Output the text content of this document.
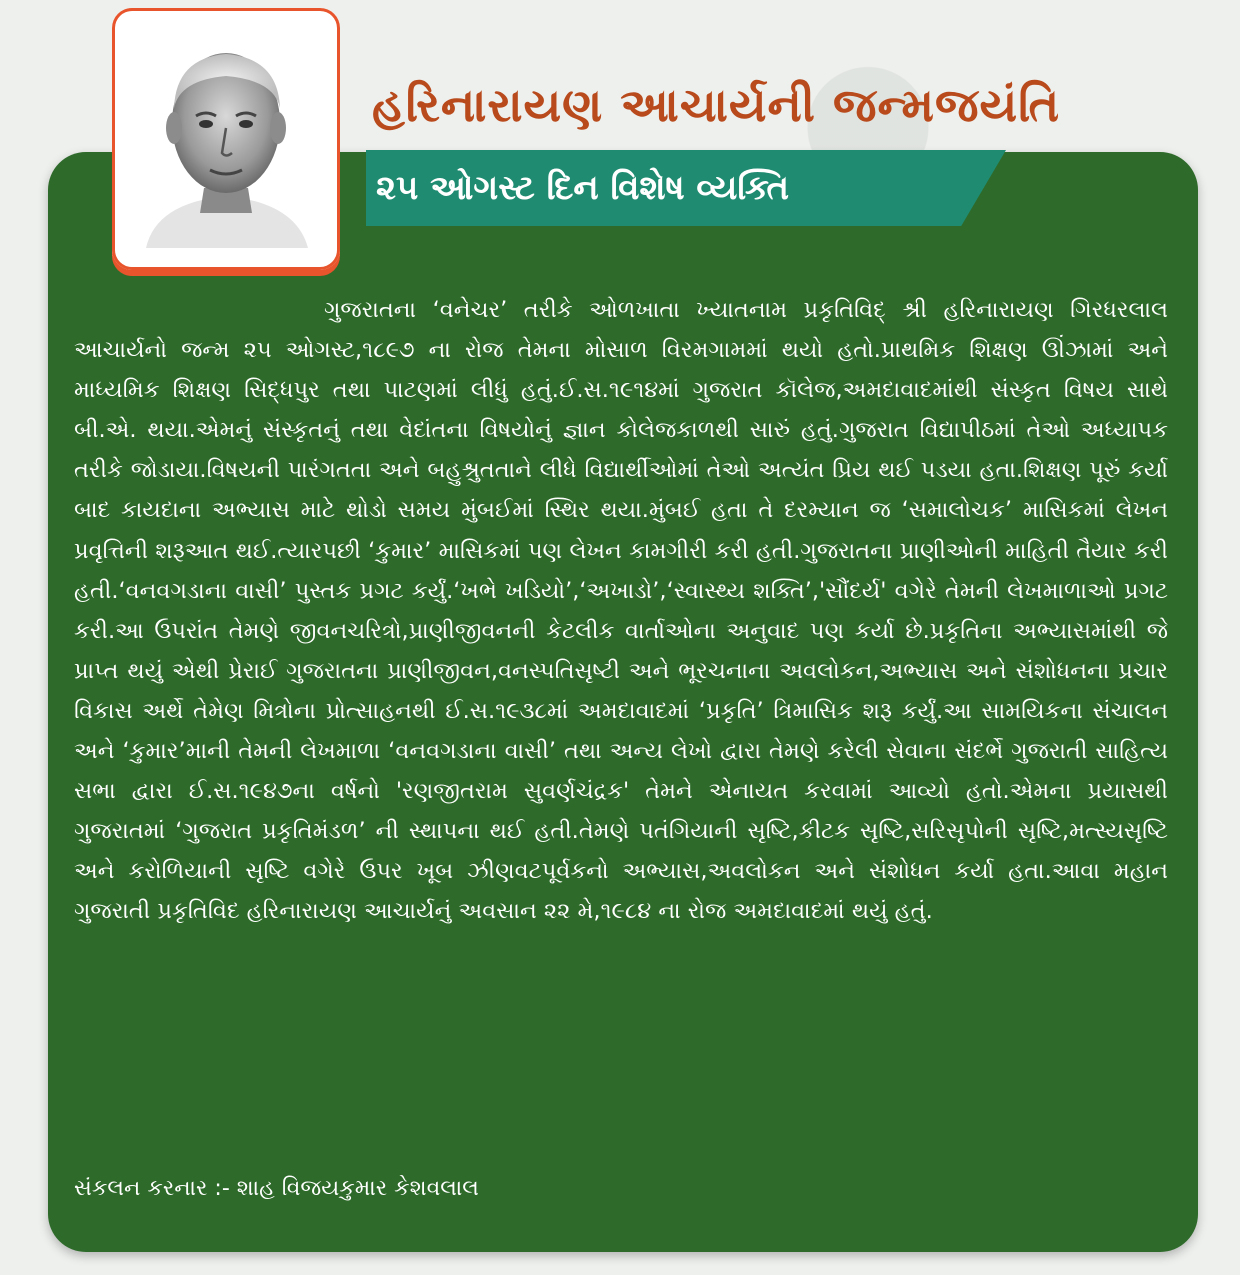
હરિનારાયણ આચાર્યની જન્મજયંતિ
૨૫ ઓગસ્ટ દિન વિશેષ વ્યક્તિ

ગુજરાતના ‘વનેચર’ તરીકે ઓળખાતા ખ્યાતનામ પ્રકૃતિવિદ્ શ્રી હરિનારાયણ ગિરધરલાલ આચાર્યનો જન્મ ૨૫ ઓગસ્ટ,૧૮૯૭ ના રોજ તેમના મોસાળ વિરમગામમાં થયો હતો.પ્રાથમિક શિક્ષણ ઊંઝામાં અને માધ્યમિક શિક્ષણ સિદ્ધપુર તથા પાટણમાં લીધું હતું.ઈ.સ.૧૯૧૪માં ગુજરાત કૉલેજ,અમદાવાદમાંથી સંસ્કૃત વિષય સાથે બી.એ. થયા.એમનું સંસ્કૃતનું તથા વેદાંતના વિષયોનું જ્ઞાન કોલેજકાળથી સારું હતું.ગુજરાત વિદ્યાપીઠમાં તેઓ અધ્યાપક તરીકે જોડાયા.વિષયની પારંગતતા અને બહુશ્રુતતાને લીધે વિદ્યાર્થીઓમાં તેઓ અત્યંત પ્રિય થઈ પડયા હતા.શિક્ષણ પૂરું કર્યા બાદ કાયદાના અભ્યાસ માટે થોડો સમય મુંબઈમાં સ્થિર થયા.મુંબઈ હતા તે દરમ્યાન જ ‘સમાલોચક’ માસિકમાં લેખન પ્રવૃત્તિની શરૂઆત થઈ.ત્યારપછી ‘કુમાર’ માસિકમાં પણ લેખન કામગીરી કરી હતી.ગુજરાતના પ્રાણીઓની માહિતી તૈયાર કરી હતી.‘વનવગડાના વાસી’ પુસ્તક પ્રગટ કર્યું.‘ખભે ખડિયો’,‘અખાડો’,‘સ્વાસ્થ્ય શક્તિ’,'સૌંદર્ય' વગેરે તેમની લેખમાળાઓ પ્રગટ કરી.આ ઉપરાંત તેમણે જીવનચરિત્રો,પ્રાણીજીવનની કેટલીક વાર્તાઓના અનુવાદ પણ કર્યા છે.પ્રકૃતિના અભ્યાસમાંથી જે પ્રાપ્ત થયું એથી પ્રેરાઈ ગુજરાતના પ્રાણીજીવન,વનસ્પતિસૃષ્ટી અને ભૂરચનાના અવલોકન,અભ્યાસ અને સંશોધનના પ્રચાર વિકાસ અર્થે તેમેણ મિત્રોના પ્રોત્સાહનથી ઈ.સ.૧૯૩૮માં અમદાવાદમાં ‘પ્રકૃતિ’ ત્રિમાસિક શરૂ કર્યું.આ સામયિકના સંચાલન અને ‘કુમાર’માની તેમની લેખમાળા ‘વનવગડાના વાસી’ તથા અન્ય લેખો દ્વારા તેમણે કરેલી સેવાના સંદર્ભે ગુજરાતી સાહિત્ય સભા દ્વારા ઈ.સ.૧૯૪૭ના વર્ષનો 'રણજીતરામ સુવર્ણચંદ્રક' તેમને એનાયત કરવામાં આવ્યો હતો.એમના પ્રયાસથી ગુજરાતમાં ‘ગુજરાત પ્રકૃતિમંડળ’ ની સ્થાપના થઈ હતી.તેમણે પતંગિયાની સૃષ્ટિ,કીટક સૃષ્ટિ,સરિસૃપોની સૃષ્ટિ,મત્સ્યસૃષ્ટિ અને કરોળિયાની સૃષ્ટિ વગેરે ઉપર ખૂબ ઝીણવટપૂર્વકનો અભ્યાસ,અવલોકન અને સંશોધન કર્યા હતા.આવા મહાન ગુજરાતી પ્રકૃતિવિદ હરિનારાયણ આચાર્યનું અવસાન ૨૨ મે,૧૯૮૪ ના રોજ અમદાવાદમાં થયું હતું.

સંકલન કરનાર :- શાહ વિજયકુમાર કેશવલાલ
